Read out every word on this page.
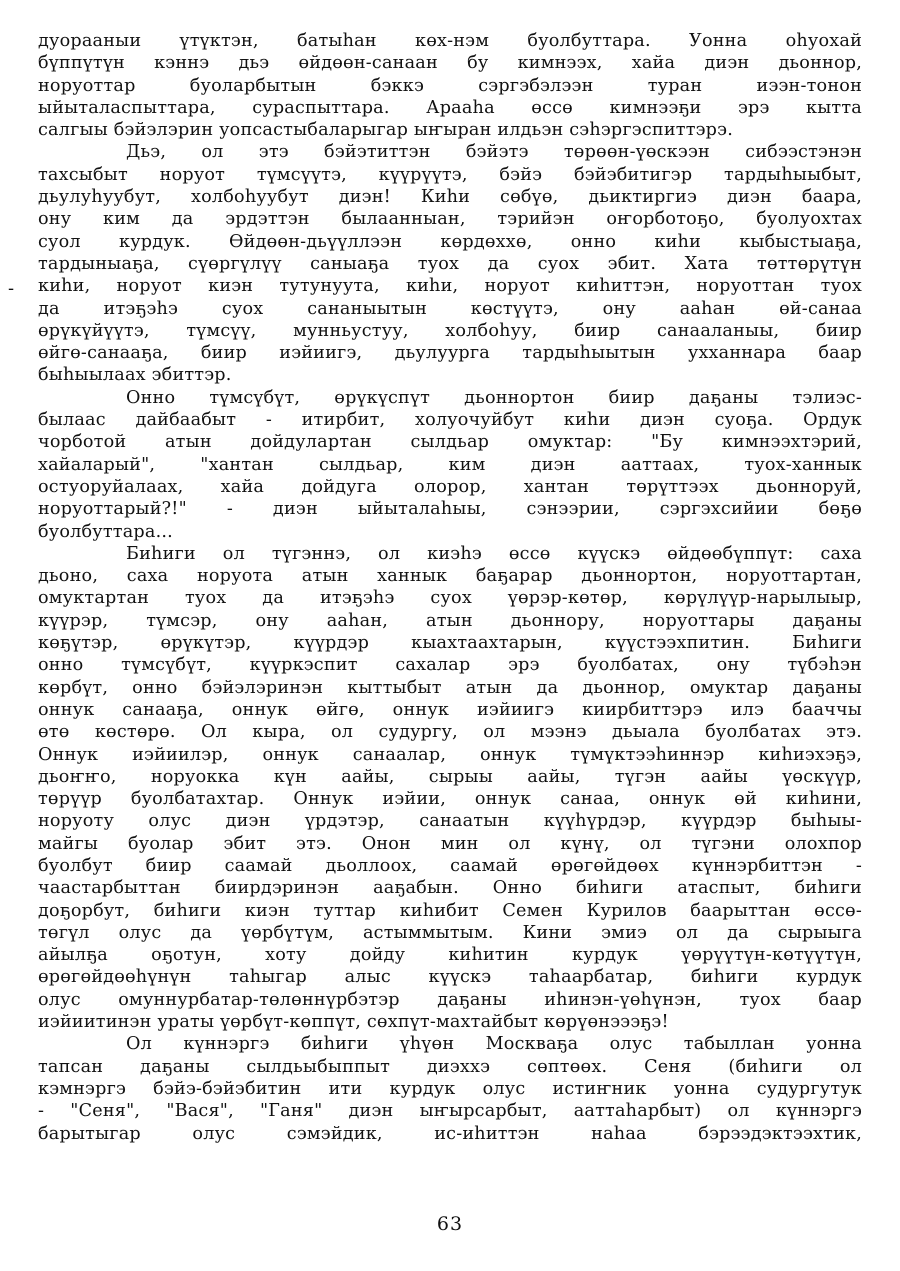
-
дуорааныи үтүктэн, батыһан көх-нэм буолбуттара. Уонна оһуохай
бүппүтүн кэннэ дьэ өйдөөн-санаан бу кимнээх, хайа диэн дьоннор,
норуоттар буоларбытын бэккэ сэргэбэлээн туран иээн-тонон
ыйыталаспыттара, сураспыттара. Арааһа өссө кимнээҕи эрэ кытта
салгыы бэйэлэрин уопсастыбаларыгар ыҥыран илдьэн сэһэргэспиттэрэ.
Дьэ, ол этэ бэйэтиттэн бэйэтэ төрөөн-үөскээн сибээстэнэн
тахсыбыт норуот түмсүүтэ, күүрүүтэ, бэйэ бэйэбитигэр тардыһыыбыт,
дьулуһуубут, холбоһуубут диэн! Киһи сөбүө, дьиктиргиэ диэн баара,
ону ким да эрдэттэн былаанныан, тэрийэн оҥорботоҕо, буолуохтах
суол курдук. Өйдөөн-дьүүллээн көрдөххө, онно киһи кыбыстыаҕа,
тардыныаҕа, сүөргүлүү саныаҕа туох да суох эбит. Хата төттөрүтүн
киһи, норуот киэн тутунуута, киһи, норуот киһиттэн, норуоттан туох
да итэҕэһэ суох сананыытын көстүүтэ, ону ааһан өй-санаа
өрүкүйүүтэ, түмсүү, мунньустуу, холбоһуу, биир санааланыы, биир
өйгө-санааҕа, биир иэйиигэ, дьулуурга тардыһыытын ухханнара баар
быһыылаах эбиттэр.
Онно түмсүбүт, өрүкүспүт дьоннортон биир даҕаны тэлиэс-
былаас дайбаабыт - итирбит, холуочуйбут киһи диэн суоҕа. Ордук
чорботой атын дойдулартан сылдьар омуктар: "Бу кимнээхтэрий,
хайаларый", "хантан сылдьар, ким диэн ааттаах, туох-ханнык
остуоруйалаах, хайа дойдуга олорор, хантан төрүттээх дьонноруй,
норуоттарый?!" - диэн ыйыталаһыы, сэнээрии, сэргэхсийии бөҕө
буолбуттара...
Биһиги ол түгэннэ, ол киэһэ өссө күүскэ өйдөөбүппүт: саха
дьоно, саха норуота атын ханнык баҕарар дьоннортон, норуоттартан,
омуктартан туох да итэҕэһэ суох үөрэр-көтөр, көрүлүүр-нарылыыр,
күүрэр, түмсэр, ону ааһан, атын дьоннору, норуоттары даҕаны
көҕүтэр, өрүкүтэр, күүрдэр кыахтаахтарын, күүстээхпитин. Биһиги
онно түмсүбүт, күүркэспит сахалар эрэ буолбатах, ону түбэһэн
көрбүт, онно бэйэлэринэн кыттыбыт атын да дьоннор, омуктар даҕаны
оннук санааҕа, оннук өйгө, оннук иэйиигэ киирбиттэрэ илэ бааччы
өтө көстөрө. Ол кыра, ол судургу, ол мээнэ дьыала буолбатах этэ.
Оннук иэйиилэр, оннук санаалар, оннук түмүктээһиннэр киһиэхэҕэ,
дьоҥҥо, норуокка күн аайы, сырыы аайы, түгэн аайы үөскүүр,
төрүүр буолбатахтар. Оннук иэйии, оннук санаа, оннук өй киһини,
норуоту олус диэн үрдэтэр, санаатын күүһүрдэр, күүрдэр быһыы-
майгы буолар эбит этэ. Онон мин ол күнү, ол түгэни олохпор
буолбут биир саамай дьоллоох, саамай өрөгөйдөөх күннэрбиттэн -
чаастарбыттан биирдэринэн ааҕабын. Онно биһиги атаспыт, биһиги
доҕорбут, биһиги киэн туттар киһибит Семен Курилов баарыттан өссө-
төгүл олус да үөрбүтүм, астыммытым. Кини эмиэ ол да сырыыга
айылҕа оҕотун, хоту дойду киһитин курдук үөрүүтүн-көтүүтүн,
өрөгөйдөөһүнүн таһыгар алыс күүскэ таһаарбатар, биһиги курдук
олус омуннурбатар-төлөннүрбэтэр даҕаны иһинэн-үөһүнэн, туох баар
иэйиитинэн ураты үөрбүт-көппүт, сөхпүт-махтайбыт көрүөнэээҕэ!
Ол күннэргэ биһиги үһүөн Москваҕа олус табыллан уонна
тапсан даҕаны сылдьыбыппыт диэххэ сөптөөх. Сеня (биһиги ол
кэмнэргэ бэйэ-бэйэбитин ити курдук олус истиҥник уонна судургутук
- "Сеня", "Вася", "Ганя" диэн ыҥырсарбыт, ааттаһарбыт) ол күннэргэ
барытыгар олус сэмэйдик, ис-иһиттэн наһаа бэрээдэктээхтик,
63
